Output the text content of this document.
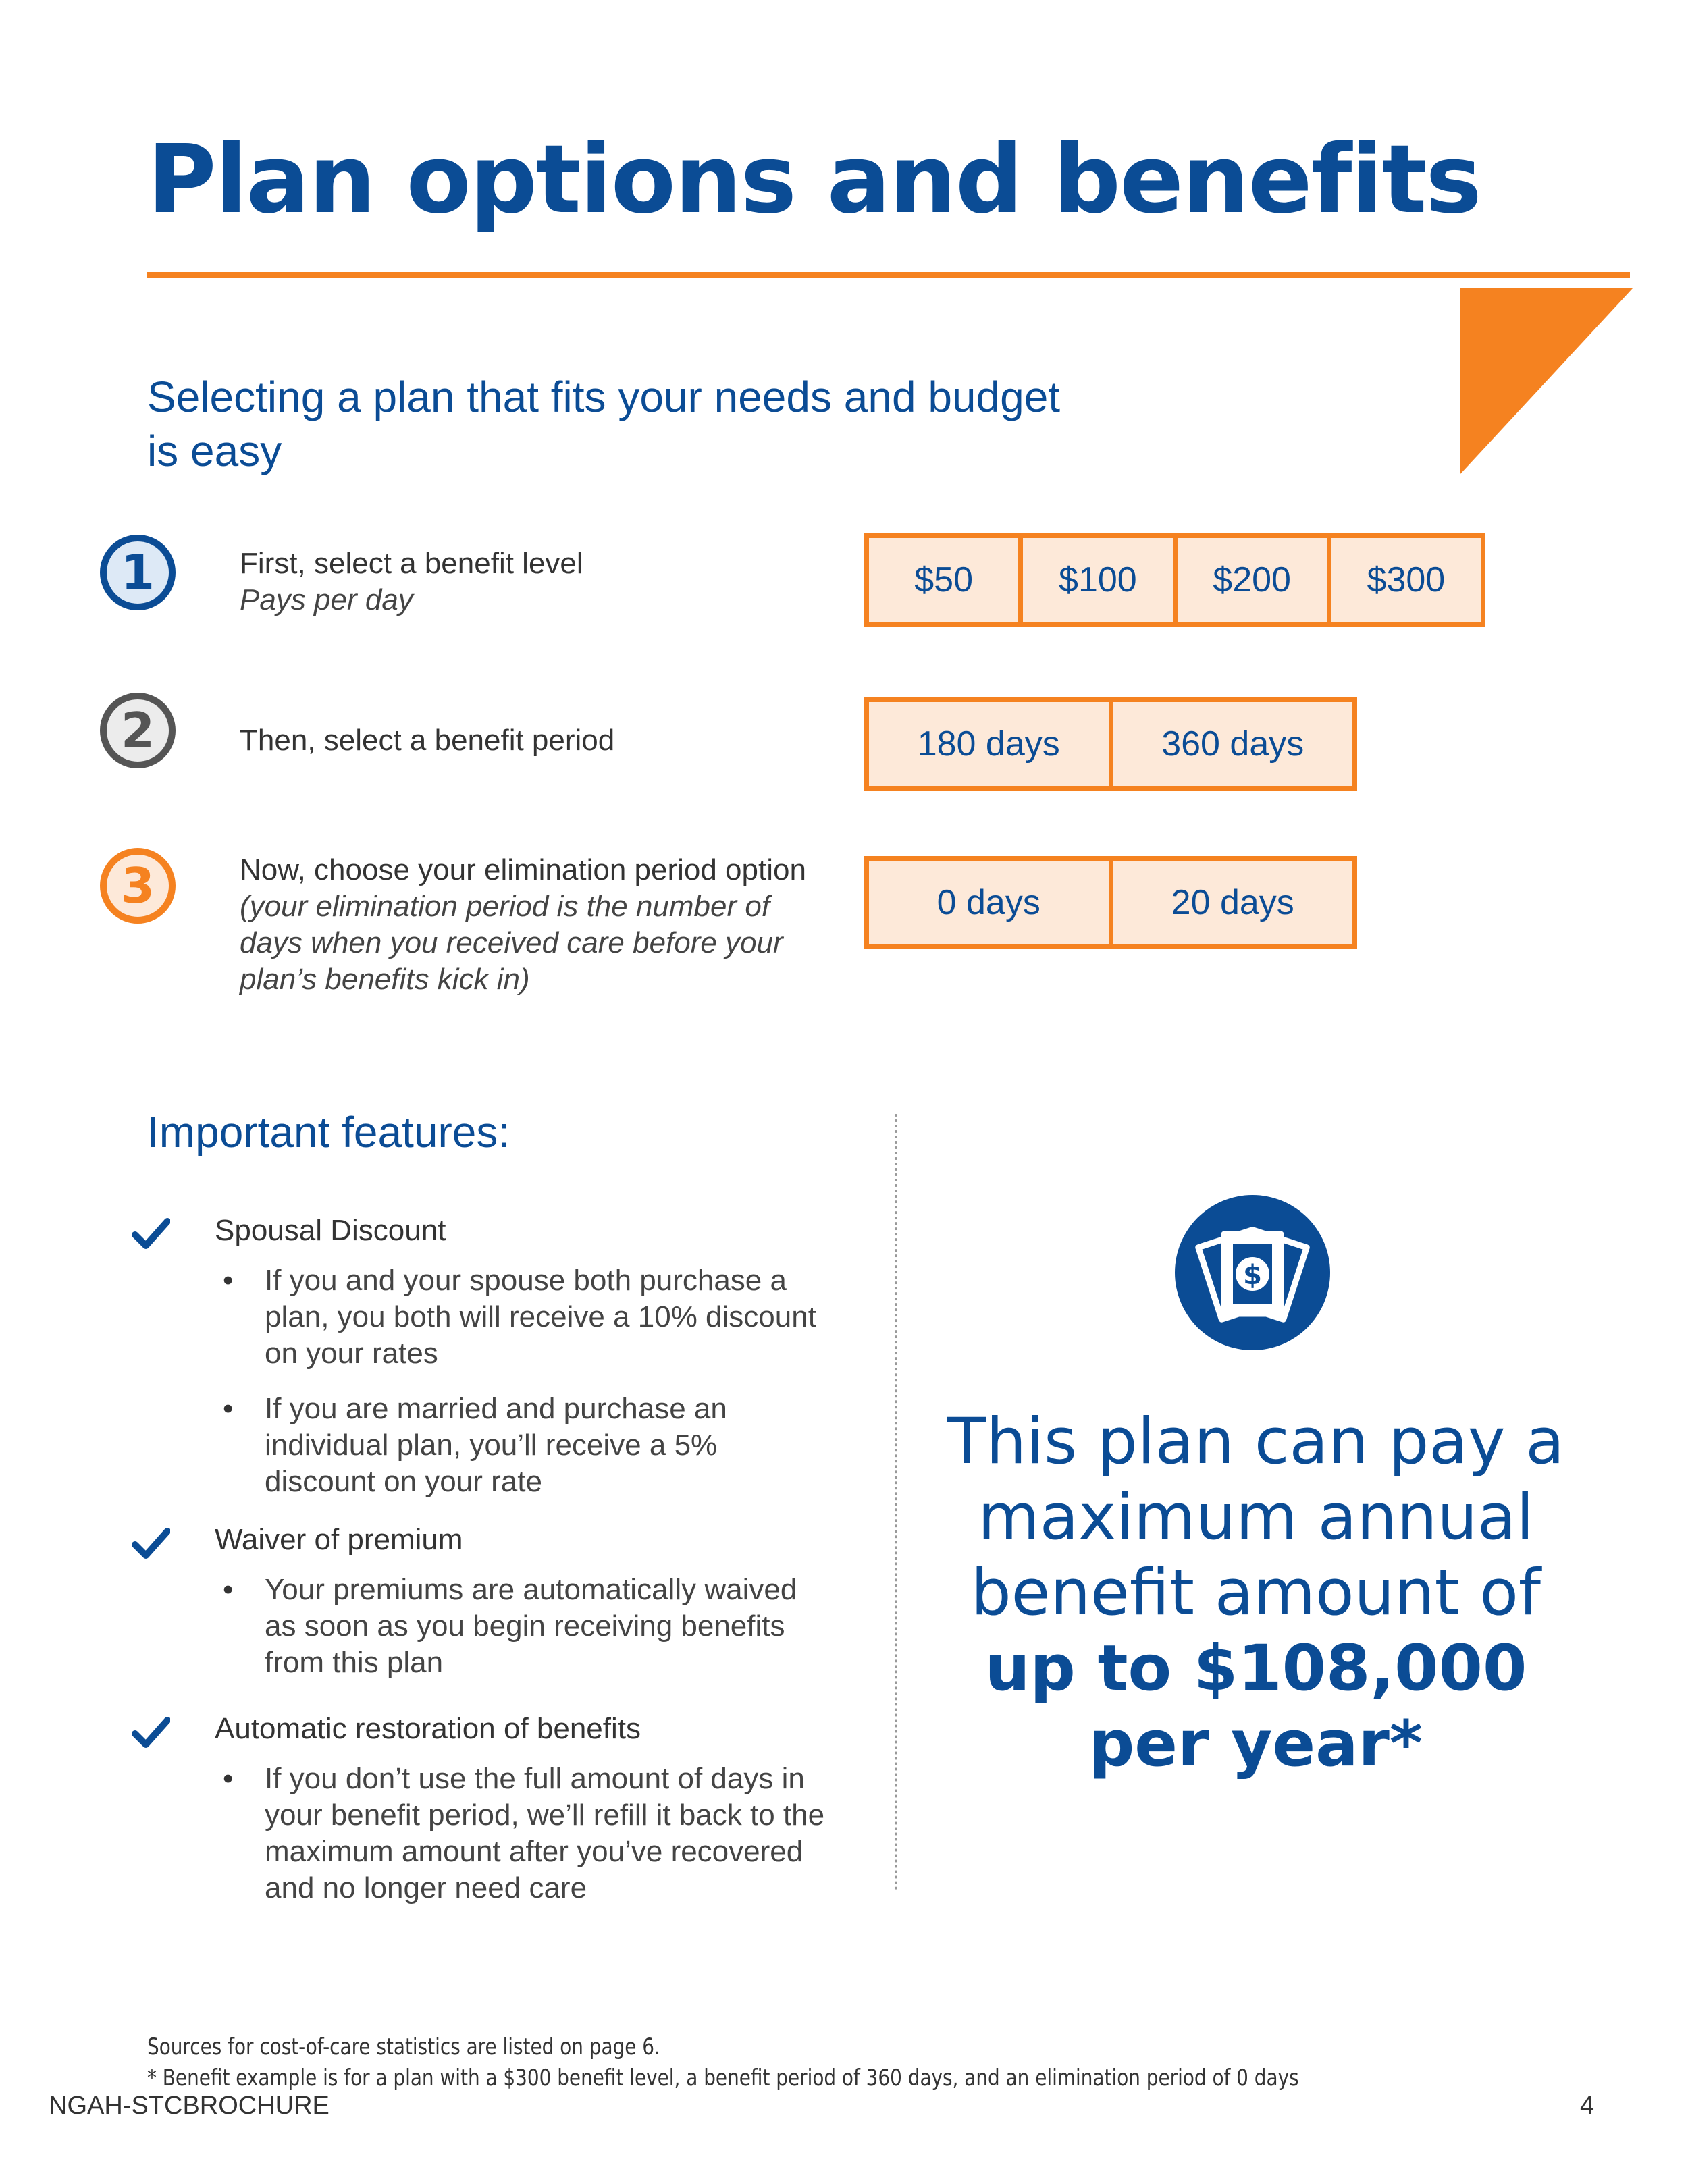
Plan options and benefits
Selecting a plan that fits your needs and budget is easy
1	First, select a benefit level
Pays per day
$50	$100	$200	$300
2	Then, select a benefit period	180 days	360 days
3	Now, choose your elimination period option (your elimination period is the number of days when you received care before your plan’s benefits kick in)
0 days	20 days
Important features:
Spousal Discount
• If you and your spouse both purchase a plan, you both will receive a 10% discount on your rates
• If you are married and purchase an individual plan, you’ll receive a 5% discount on your rate
Waiver of premium
• Your premiums are automatically waived as soon as you begin receiving benefits from this plan
Automatic restoration of benefits
• If you don’t use the full amount of days in your benefit period, we’ll refill it back to the maximum amount after you’ve recovered and no longer need care
$
This plan can pay a maximum annual benefit amount of
up to $108,000 per year*
Sources for cost-of-care statistics are listed on page 6.
* Benefit example is for a plan with a $300 benefit level, a benefit period of 360 days, and an elimination period of 0 days
NGAH-STCBROCHURE	4
